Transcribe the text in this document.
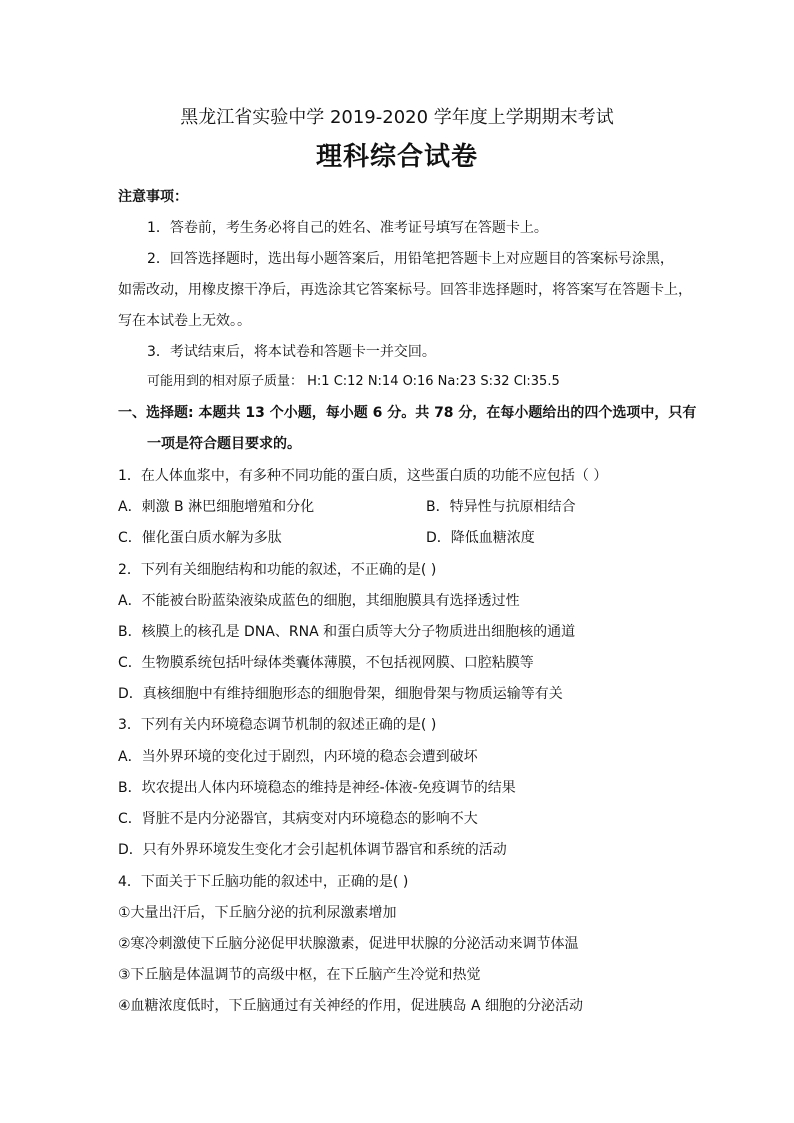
黑龙江省实验中学 2019-2020 学年度上学期期末考试
理科综合试卷
注意事项：
1．答卷前，考生务必将自己的姓名、准考证号填写在答题卡上。
2．回答选择题时，选出每小题答案后，用铅笔把答题卡上对应题目的答案标号涂黑，
如需改动，用橡皮擦干净后，再选涂其它答案标号。回答非选择题时，将答案写在答题卡上，
写在本试卷上无效。。
3．考试结束后，将本试卷和答题卡一并交回。
可能用到的相对原子质量： H:1 C:12 N:14 O:16 Na:23 S:32 Cl:35.5
一、选择题: 本题共 13 个小题，每小题 6 分。共 78 分，在每小题给出的四个选项中，只有
一项是符合题目要求的。
1．在人体血浆中，有多种不同功能的蛋白质，这些蛋白质的功能不应包括（ ）
A．刺激 B 淋巴细胞增殖和分化	B．特异性与抗原相结合
C．催化蛋白质水解为多肽	D．降低血糖浓度
2．下列有关细胞结构和功能的叙述，不正确的是( )
A．不能被台盼蓝染液染成蓝色的细胞，其细胞膜具有选择透过性
B．核膜上的核孔是 DNA、RNA 和蛋白质等大分子物质进出细胞核的通道
C．生物膜系统包括叶绿体类囊体薄膜，不包括视网膜、口腔粘膜等
D．真核细胞中有维持细胞形态的细胞骨架，细胞骨架与物质运输等有关
3．下列有关内环境稳态调节机制的叙述正确的是( )
A．当外界环境的变化过于剧烈，内环境的稳态会遭到破坏
B．坎农提出人体内环境稳态的维持是神经-体液-免疫调节的结果
C．肾脏不是内分泌器官，其病变对内环境稳态的影响不大
D．只有外界环境发生变化才会引起机体调节器官和系统的活动
4．下面关于下丘脑功能的叙述中，正确的是( )
①大量出汗后，下丘脑分泌的抗利尿激素增加
②寒冷刺激使下丘脑分泌促甲状腺激素，促进甲状腺的分泌活动来调节体温
③下丘脑是体温调节的高级中枢，在下丘脑产生冷觉和热觉
④血糖浓度低时，下丘脑通过有关神经的作用，促进胰岛 A 细胞的分泌活动
